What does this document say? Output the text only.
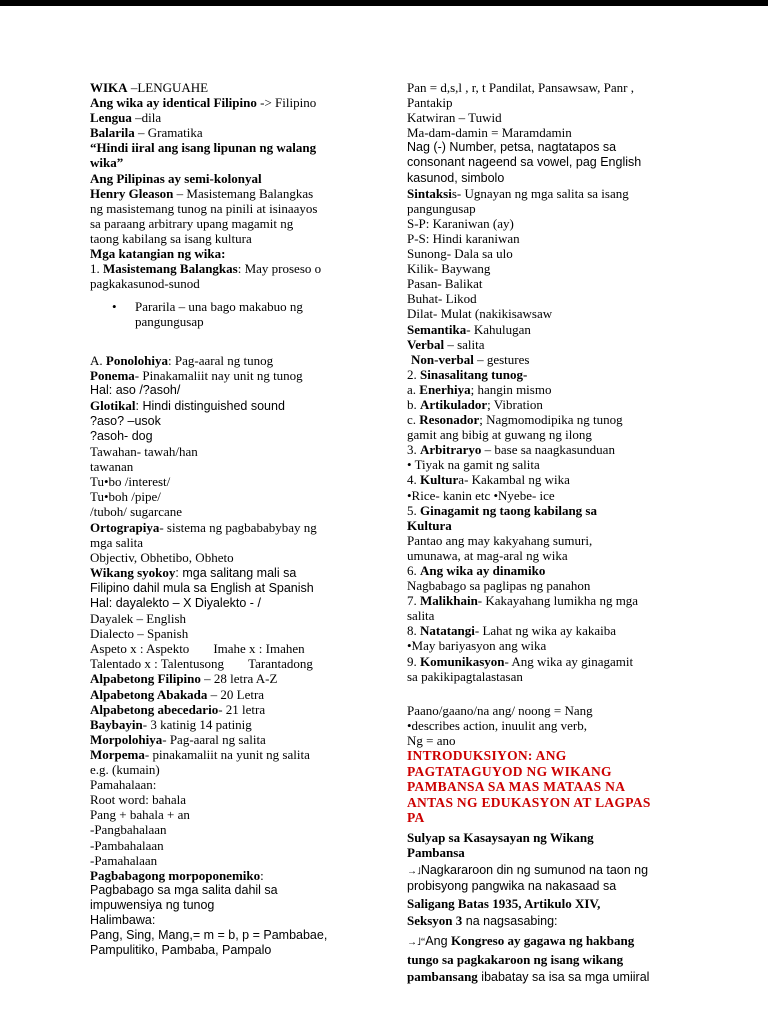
WIKA –LENGUAHE

Ang wika ay identical Filipino -> Filipino

Lengua –dila

Balarila – Gramatika

“Hindi iiral ang isang lipunan ng walang

wika”

Ang Pilipinas ay semi-kolonyal

Henry Gleason – Masistemang Balangkas

ng masistemang tunog na pinili at isinaayos

sa paraang arbitrary upang magamit ng

taong kabilang sa isang kultura

Mga katangian ng wika:

1. Masistemang Balangkas: May proseso o

pagkakasunod-sunod

• Pararila – una bago makabuo ng

pangungusap

A. Ponolohiya: Pag-aaral ng tunog

Ponema- Pinakamaliit nay unit ng tunog

Hal: aso /?asoh/

Glotikal: Hindi distinguished sound

?aso? –usok

?asoh- dog

Tawahan- tawah/han

tawanan

Tu•bo /interest/

Tu•boh /pipe/

/tuboh/ sugarcane

Ortograpiya- sistema ng pagbababybay ng

mga salita

Objectiv, Obhetibo, Obheto

Wikang syokoy: mga salitang mali sa

Filipino dahil mula sa English at Spanish

Hal: dayalekto – X Diyalekto - /

Dayalek – English

Dialecto – Spanish

Aspeto x : Aspekto Imahe x : Imahen

Talentado x : Talentusong Tarantadong

Alpabetong Filipino – 28 letra A-Z

Alpabetong Abakada – 20 Letra

Alpabetong abecedario- 21 letra

Baybayin- 3 katinig 14 patinig

Morpolohiya- Pag-aaral ng salita

Morpema- pinakamaliit na yunit ng salita

e.g. (kumain)

Pamahalaan:

Root word: bahala

Pang + bahala + an

-Pangbahalaan

-Pambahalaan

-Pamahalaan

Pagbabagong morpoponemiko:

Pagbabago sa mga salita dahil sa

impuwensiya ng tunog

Halimbawa:

Pang, Sing, Mang,= m = b, p = Pambabae,

Pampulitiko, Pambaba, Pampalo

Pan = d,s,l , r, t Pandilat, Pansawsaw, Panr ,

Pantakip

Katwiran – Tuwid

Ma-dam-damin = Maramdamin

Nag (-) Number, petsa, nagtatapos sa

consonant nageend sa vowel, pag English

kasunod, simbolo

Sintaksis- Ugnayan ng mga salita sa isang

pangungusap

S-P: Karaniwan (ay)

P-S: Hindi karaniwan

Sunong- Dala sa ulo

Kilik- Baywang

Pasan- Balikat

Buhat- Likod

Dilat- Mulat (nakikisawsaw

Semantika- Kahulugan

Verbal – salita

Non-verbal – gestures

2. Sinasalitang tunog-

a. Enerhiya; hangin mismo

b. Artikulador; Vibration

c. Resonador; Nagmomodipika ng tunog

gamit ang bibig at guwang ng ilong

3. Arbitraryo – base sa naagkasunduan

• Tiyak na gamit ng salita

4. Kultura- Kakambal ng wika

•Rice- kanin etc •Nyebe- ice

5. Ginagamit ng taong kabilang sa

Kultura

Pantao ang may kakyahang sumuri,

umunawa, at mag-aral ng wika

6. Ang wika ay dinamiko

Nagbabago sa paglipas ng panahon

7. Malikhain- Kakayahang lumikha ng mga

salita

8. Natatangi- Lahat ng wika ay kakaiba

•May bariyasyon ang wika

9. Komunikasyon- Ang wika ay ginagamit

sa pakikipagtalastasan

Paano/gaano/na ang/ noong = Nang

•describes action, inuulit ang verb,

Ng = ano

INTRODUKSIYON: ANG

PAGTATAGUYOD NG WIKANG

PAMBANSA SA MAS MATAAS NA

ANTAS NG EDUKASYON AT LAGPAS

PA

Sulyap sa Kasaysayan ng Wikang

Pambansa

→˩Nagkararoon din ng sumunod na taon ng

probisyong pangwika na nakasaad sa

Saligang Batas 1935, Artikulo XIV,

Seksyon 3 na nagsasabing:

→˩“Ang Kongreso ay gagawa ng hakbang

tungo sa pagkakaroon ng isang wikang

pambansang ibabatay sa isa sa mga umiiral
